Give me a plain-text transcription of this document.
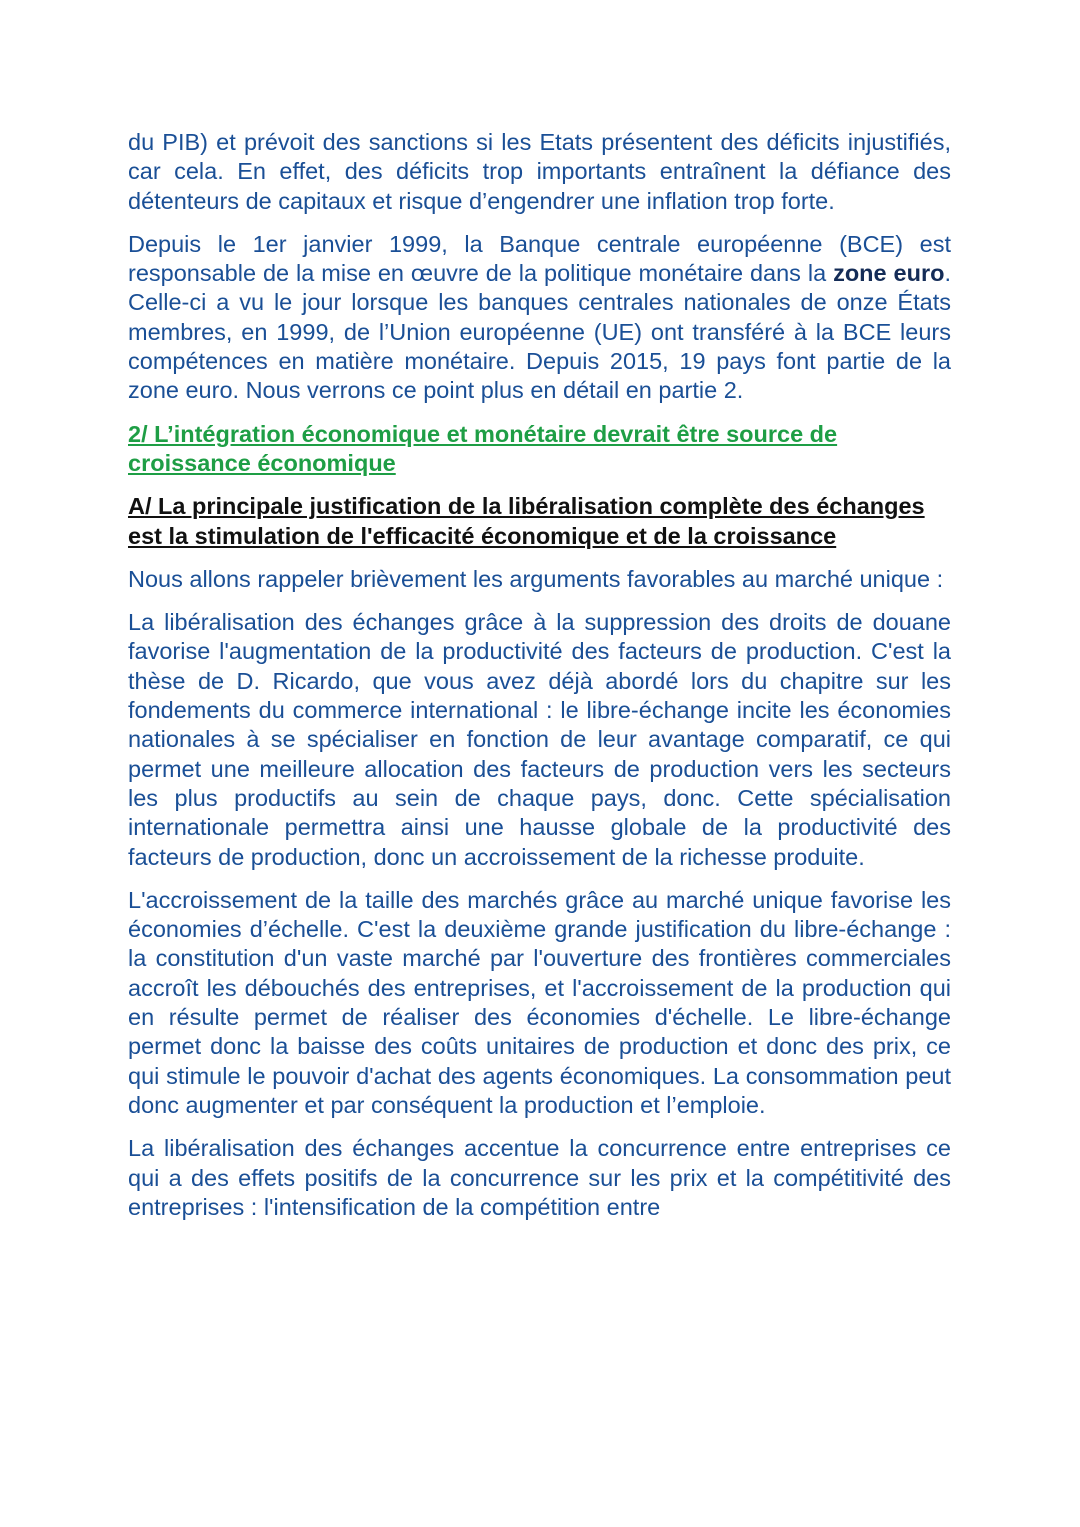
du PIB) et prévoit des sanctions si les Etats présentent des déficits injustifiés, car cela. En effet, des déficits trop importants entraînent la défiance des détenteurs de capitaux et risque d’engendrer une inflation trop forte.

Depuis le 1er janvier 1999, la Banque centrale européenne (BCE) est responsable de la mise en œuvre de la politique monétaire dans la zone euro. Celle-ci a vu le jour lorsque les banques centrales nationales de onze États membres, en 1999, de l’Union européenne (UE) ont transféré à la BCE leurs compétences en matière monétaire. Depuis 2015, 19 pays font partie de la zone euro. Nous verrons ce point plus en détail en partie 2.

2/ L’intégration économique et monétaire devrait être source de croissance économique
A/ La principale justification de la libéralisation complète des échanges est la stimulation de l'efficacité économique et de la croissance

Nous allons rappeler brièvement les arguments favorables au marché unique :

La libéralisation des échanges grâce à la suppression des droits de douane favorise l'augmentation de la productivité des facteurs de production. C'est la thèse de D. Ricardo, que vous avez déjà abordé lors du chapitre sur les fondements du commerce international : le libre-échange incite les économies nationales à se spécialiser en fonction de leur avantage comparatif, ce qui permet une meilleure allocation des facteurs de production vers les secteurs les plus productifs au sein de chaque pays, donc. Cette spécialisation internationale permettra ainsi une hausse globale de la productivité des facteurs de production, donc un accroissement de la richesse produite.

L'accroissement de la taille des marchés grâce au marché unique favorise les économies d’échelle. C'est la deuxième grande justification du libre-échange : la constitution d'un vaste marché par l'ouverture des frontières commerciales accroît les débouchés des entreprises, et l'accroissement de la production qui en résulte permet de réaliser des économies d'échelle. Le libre-échange permet donc la baisse des coûts unitaires de production et donc des prix, ce qui stimule le pouvoir d'achat des agents économiques. La consommation peut donc augmenter et par conséquent la production et l’emploie.

La libéralisation des échanges accentue la concurrence entre entreprises ce qui a des effets positifs de la concurrence sur les prix et la compétitivité des entreprises : l'intensification de la compétition entre
